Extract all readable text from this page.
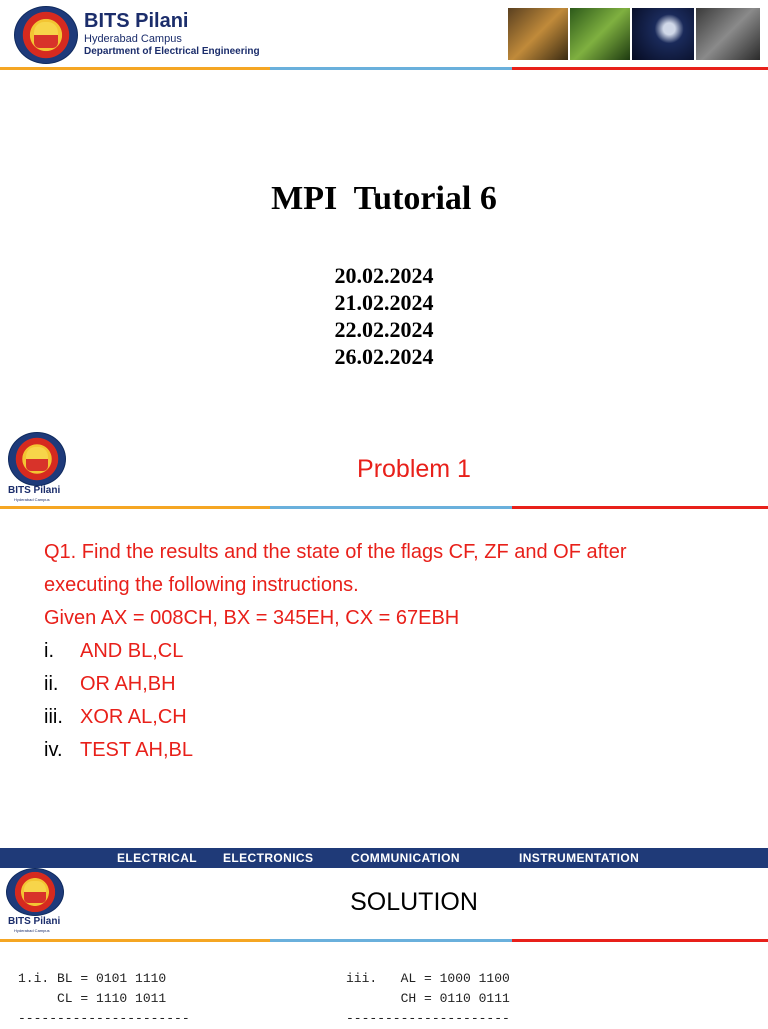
BITS Pilani
Hyderabad Campus
Department of Electrical Engineering
MPI  Tutorial 6
20.02.2024
21.02.2024
22.02.2024
26.02.2024
BITS Pilani
Hyderabad Campus
Problem 1
Q1. Find the results and the state of the flags CF, ZF and OF after
executing the following instructions.
Given AX = 008CH, BX = 345EH, CX = 67EBH
i.	AND BL,CL
ii.	OR AH,BH
iii. XOR AL,CH
iv. TEST AH,BL
ELECTRICAL ELECTRONICS	COMMUNICATION	INSTRUMENTATION
BITS Pilani
Hyderabad Campus
SOLUTION
1.i. BL = 0101 1110
CL = 1110 1011
----------------------
iii.   AL = 1000 1100
CH = 0110 0111
---------------------
